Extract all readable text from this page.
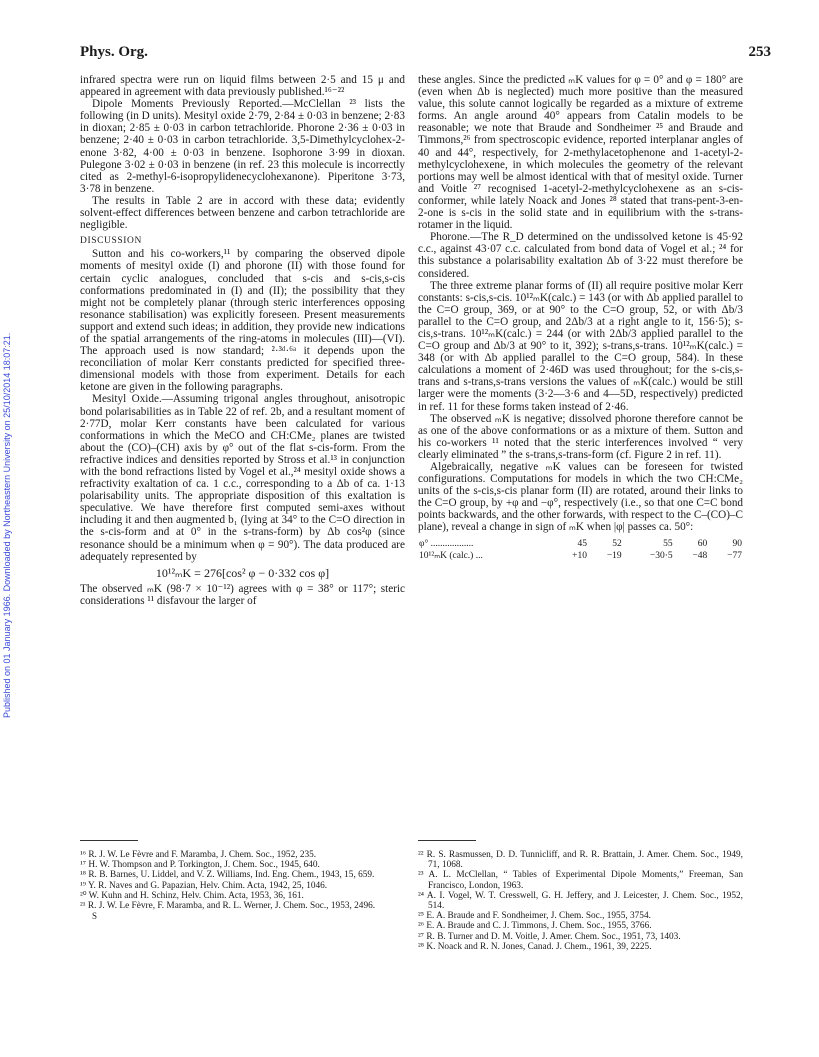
Published on 01 January 1966. Downloaded by Northeastern University on 25/10/2014 18:07:21.
Phys. Org.	253

infrared spectra were run on liquid films between 2·5 and 15 μ and appeared in agreement with data previously published.¹⁶⁻²²

Dipole Moments Previously Reported.—McClellan ²³ lists the following (in D units). Mesityl oxide 2·79, 2·84 ± 0·03 in benzene; 2·83 in dioxan; 2·85 ± 0·03 in carbon tetrachloride. Phorone 2·36 ± 0·03 in benzene; 2·40 ± 0·03 in carbon tetrachloride. 3,5-Dimethylcyclohex-2-enone 3·82, 4·00 ± 0·03 in benzene. Isophorone 3·99 in dioxan. Pulegone 3·02 ± 0·03 in benzene (in ref. 23 this molecule is incorrectly cited as 2-methyl-6-isopropylidenecyclohexanone). Piperitone 3·73, 3·78 in benzene.

The results in Table 2 are in accord with these data; evidently solvent-effect differences between benzene and carbon tetrachloride are negligible.

DISCUSSION

Sutton and his co-workers,¹¹ by comparing the observed dipole moments of mesityl oxide (I) and phorone (II) with those found for certain cyclic analogues, concluded that s-cis and s-cis,s-cis conformations predominated in (I) and (II); the possibility that they might not be completely planar (through steric interferences opposing resonance stabilisation) was explicitly foreseen. Present measurements support and extend such ideas; in addition, they provide new indications of the spatial arrangements of the ring-atoms in molecules (III)—(VI). The approach used is now standard; ²·³ᵈ·⁶ᵃ it depends upon the reconciliation of molar Kerr constants predicted for specified three-dimensional models with those from experiment. Details for each ketone are given in the following paragraphs.

Mesityl Oxide.—Assuming trigonal angles throughout, anisotropic bond polarisabilities as in Table 22 of ref. 2b, and a resultant moment of 2·77D, molar Kerr constants have been calculated for various conformations in which the MeCO and CH:CMe₂ planes are twisted about the (CO)–(CH) axis by φ° out of the flat s-cis-form. From the refractive indices and densities reported by Stross et al.¹³ in conjunction with the bond refractions listed by Vogel et al.,²⁴ mesityl oxide shows a refractivity exaltation of ca. 1 c.c., corresponding to a Δb of ca. 1·13 polarisability units. The appropriate disposition of this exaltation is speculative. We have therefore first computed semi-axes without including it and then augmented b₁ (lying at 34° to the C=O direction in the s-cis-form and at 0° in the s-trans-form) by Δb cos²φ (since resonance should be a minimum when φ = 90°). The data produced are adequately represented by

10¹²ₘK = 276[cos² φ − 0·332 cos φ]

The observed ₘK (98·7 × 10⁻¹²) agrees with φ = 38° or 117°; steric considerations ¹¹ disfavour the larger of

these angles. Since the predicted ₘK values for φ = 0° and φ = 180° are (even when Δb is neglected) much more positive than the measured value, this solute cannot logically be regarded as a mixture of extreme forms. An angle around 40° appears from Catalin models to be reasonable; we note that Braude and Sondheimer ²⁵ and Braude and Timmons,²⁶ from spectroscopic evidence, reported interplanar angles of 40 and 44°, respectively, for 2-methylacetophenone and 1-acetyl-2-methylcyclohexene, in which molecules the geometry of the relevant portions may well be almost identical with that of mesityl oxide. Turner and Voitle ²⁷ recognised 1-acetyl-2-methylcyclohexene as an s-cis-conformer, while lately Noack and Jones ²⁸ stated that trans-pent-3-en-2-one is s-cis in the solid state and in equilibrium with the s-trans-rotamer in the liquid.

Phorone.—The R_D determined on the undissolved ketone is 45·92 c.c., against 43·07 c.c. calculated from bond data of Vogel et al.; ²⁴ for this substance a polarisability exaltation Δb of 3·22 must therefore be considered.

The three extreme planar forms of (II) all require positive molar Kerr constants: s-cis,s-cis. 10¹²ₘK(calc.) = 143 (or with Δb applied parallel to the C=O group, 369, or at 90° to the C=O group, 52, or with Δb/3 parallel to the C=O group, and 2Δb/3 at a right angle to it, 156·5); s-cis,s-trans. 10¹²ₘK(calc.) = 244 (or with 2Δb/3 applied parallel to the C=O group and Δb/3 at 90° to it, 392); s-trans,s-trans. 10¹²ₘK(calc.) = 348 (or with Δb applied parallel to the C=O group, 584). In these calculations a moment of 2·46D was used throughout; for the s-cis,s-trans and s-trans,s-trans versions the values of ₘK(calc.) would be still larger were the moments (3·2—3·6 and 4—5D, respectively) predicted in ref. 11 for these forms taken instead of 2·46.

The observed ₘK is negative; dissolved phorone therefore cannot be as one of the above conformations or as a mixture of them. Sutton and his co-workers ¹¹ noted that the steric interferences involved “ very clearly eliminated ” the s-trans,s-trans-form (cf. Figure 2 in ref. 11).

Algebraically, negative ₘK values can be foreseen for twisted configurations. Computations for models in which the two CH:CMe₂ units of the s-cis,s-cis planar form (II) are rotated, around their links to the C=O group, by +φ and −φ°, respectively (i.e., so that one C=C bond points backwards, and the other forwards, with respect to the C–(CO)–C plane), reveal a change in sign of ₘK when |φ| passes ca. 50°:

φ° ..................	45	52	55	60	90
10¹²ₘK (calc.) ...	+10	−19	−30·5	−48	−77
¹⁶ R. J. W. Le Fèvre and F. Maramba, J. Chem. Soc., 1952, 235.
¹⁷ H. W. Thompson and P. Torkington, J. Chem. Soc., 1945, 640.
¹⁸ R. B. Barnes, U. Liddel, and V. Z. Williams, Ind. Eng. Chem., 1943, 15, 659.
¹⁹ Y. R. Naves and G. Papazian, Helv. Chim. Acta, 1942, 25, 1046.
²⁰ W. Kuhn and H. Schinz, Helv. Chim. Acta, 1953, 36, 161.
²¹ R. J. W. Le Fèvre, F. Maramba, and R. L. Werner, J. Chem. Soc., 1953, 2496.
S
²² R. S. Rasmussen, D. D. Tunnicliff, and R. R. Brattain, J. Amer. Chem. Soc., 1949, 71, 1068.
²³ A. L. McClellan, “ Tables of Experimental Dipole Moments,” Freeman, San Francisco, London, 1963.
²⁴ A. I. Vogel, W. T. Cresswell, G. H. Jeffery, and J. Leicester, J. Chem. Soc., 1952, 514.
²⁵ E. A. Braude and F. Sondheimer, J. Chem. Soc., 1955, 3754.
²⁶ E. A. Braude and C. J. Timmons, J. Chem. Soc., 1955, 3766.
²⁷ R. B. Turner and D. M. Voitle, J. Amer. Chem. Soc., 1951, 73, 1403.
²⁸ K. Noack and R. N. Jones, Canad. J. Chem., 1961, 39, 2225.
